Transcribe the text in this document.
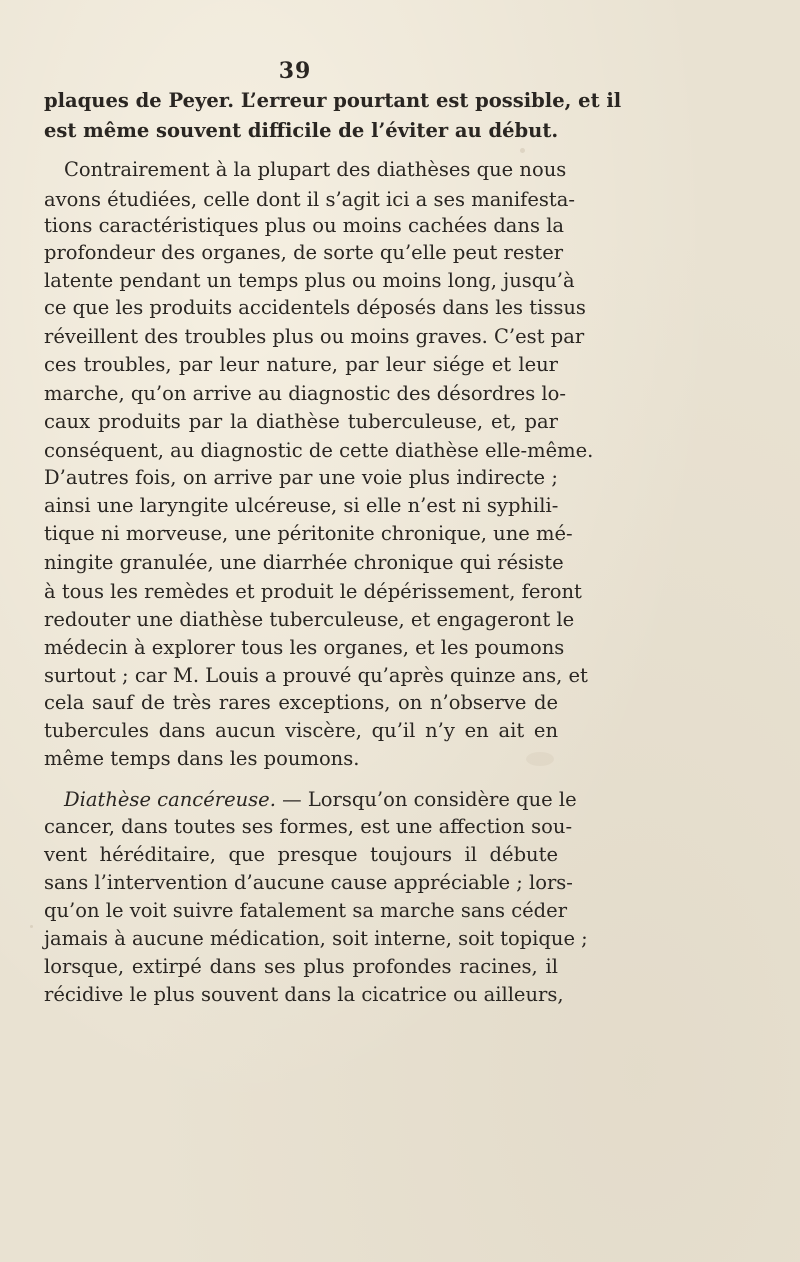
39
plaques de Peyer. L’erreur pourtant est possible, et il
est même souvent difficile de l’éviter au début.
Contrairement à la plupart des diathèses que nous
avons étudiées, celle dont il s’agit ici a ses manifesta-
tions caractéristiques plus ou moins cachées dans la
profondeur des organes, de sorte qu’elle peut rester
latente pendant un temps plus ou moins long, jusqu’à
ce que les produits accidentels déposés dans les tissus
réveillent des troubles plus ou moins graves. C’est par
ces troubles, par leur nature, par leur siége et leur
marche, qu’on arrive au diagnostic des désordres lo-
caux produits par la diathèse tuberculeuse, et, par
conséquent, au diagnostic de cette diathèse elle-même.
D’autres fois, on arrive par une voie plus indirecte ;
ainsi une laryngite ulcéreuse, si elle n’est ni syphili-
tique ni morveuse, une péritonite chronique, une mé-
ningite granulée, une diarrhée chronique qui résiste
à tous les remèdes et produit le dépérissement, feront
redouter une diathèse tuberculeuse, et engageront le
médecin à explorer tous les organes, et les poumons
surtout ; car M. Louis a prouvé qu’après quinze ans, et
cela sauf de très rares exceptions, on n’observe de
tubercules dans aucun viscère, qu’il n’y en ait en
même temps dans les poumons.
Diathèse cancéreuse. — Lorsqu’on considère que le
cancer, dans toutes ses formes, est une affection sou-
vent héréditaire, que presque toujours il débute
sans l’intervention d’aucune cause appréciable ; lors-
qu’on le voit suivre fatalement sa marche sans céder
jamais à aucune médication, soit interne, soit topique ;
lorsque, extirpé dans ses plus profondes racines, il
récidive le plus souvent dans la cicatrice ou ailleurs,
